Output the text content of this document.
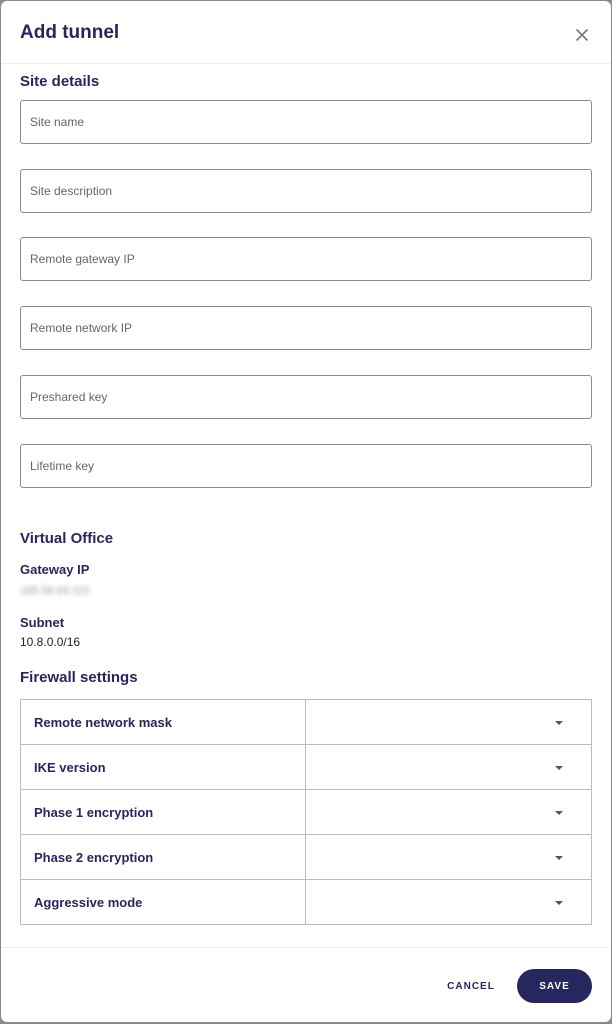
Add tunnel
Site details
Site name
Site description
Remote gateway IP
Remote network IP
Preshared key
Lifetime key
Virtual Office
Gateway IP
185.58.83.115
Subnet
10.8.0.0/16
Firewall settings
Remote network mask	

IKE version	

Phase 1 encryption	

Phase 2 encryption	

Aggressive mode	
CANCEL	SAVE
